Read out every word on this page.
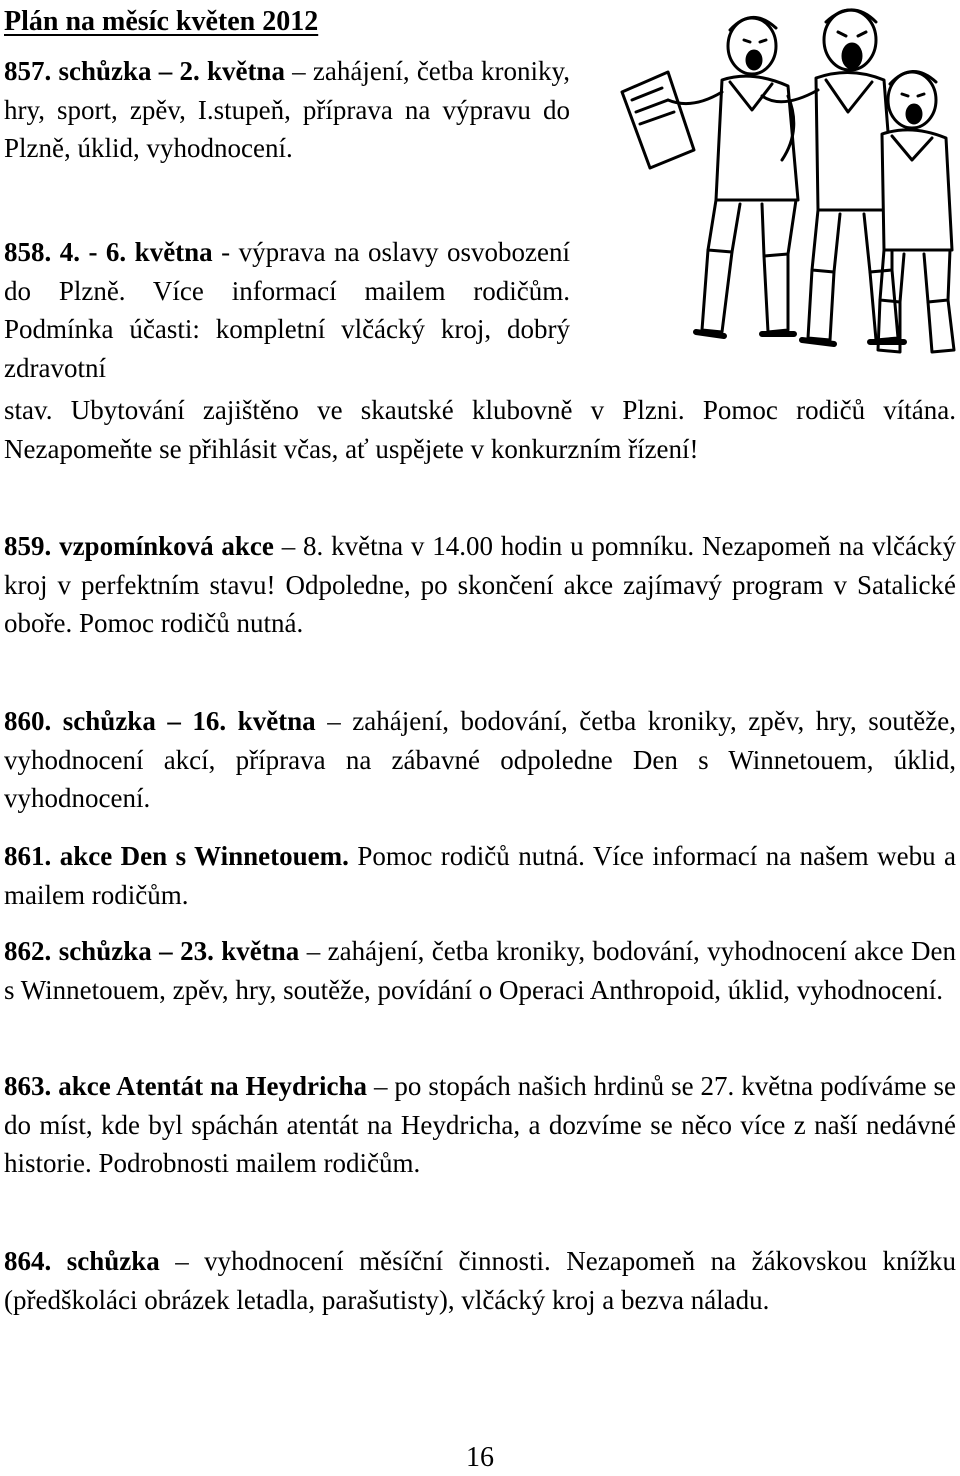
Plán na měsíc květen 2012

857. schůzka – 2. května – zahájení, četba kroniky, hry, sport, zpěv, I.stupeň, příprava na výpravu do Plzně, úklid, vyhodnocení.

858. 4. - 6. května - výprava na oslavy osvobození do Plzně. Více informací mailem rodičům. Podmínka účasti: kompletní vlčácký kroj, dobrý zdravotní

stav. Ubytování zajištěno ve skautské klubovně v Plzni. Pomoc rodičů vítána. Nezapomeňte se přihlásit včas, ať uspějete v konkurzním řízení!

859. vzpomínková akce – 8. května v 14.00 hodin u pomníku. Nezapomeň na vlčácký kroj v perfektním stavu! Odpoledne, po skončení akce zajímavý program v Satalické oboře. Pomoc rodičů nutná.

860. schůzka – 16. května – zahájení, bodování, četba kroniky, zpěv, hry, soutěže, vyhodnocení akcí, příprava na zábavné odpoledne Den s Winnetouem, úklid, vyhodnocení.

861. akce Den s Winnetouem. Pomoc rodičů nutná. Více informací na našem webu a mailem rodičům.

862. schůzka – 23. května – zahájení, četba kroniky, bodování, vyhodnocení akce Den s Winnetouem, zpěv, hry, soutěže, povídání o Operaci Anthropoid, úklid, vyhodnocení.

863. akce Atentát na Heydricha – po stopách našich hrdinů se 27. května podíváme se do míst, kde byl spáchán atentát na Heydricha, a dozvíme se něco více z naší nedávné historie. Podrobnosti mailem rodičům.

864. schůzka – vyhodnocení měsíční činnosti. Nezapomeň na žákovskou knížku (předškoláci obrázek letadla, parašutisty), vlčácký kroj a bezva náladu.

16
